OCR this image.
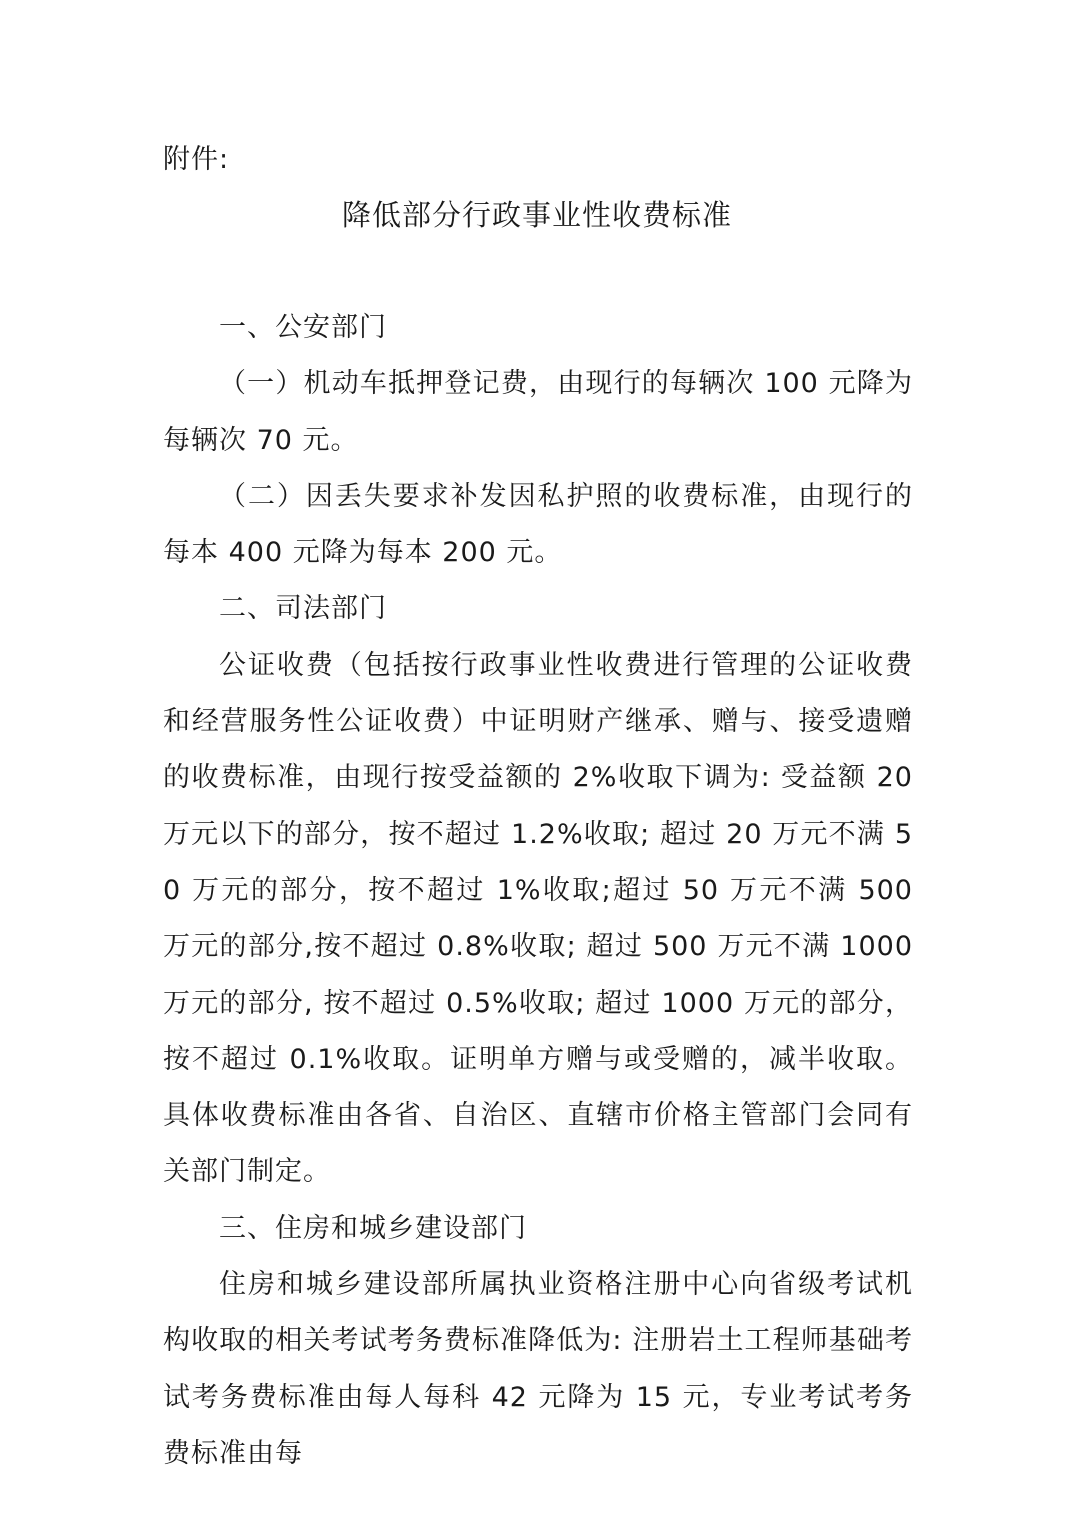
附件:
降低部分行政事业性收费标准

一、公安部门

（一）机动车抵押登记费，由现行的每辆次 100 元降为每辆次 70 元。

（二）因丢失要求补发因私护照的收费标准，由现行的每本 400 元降为每本 200 元。

二、司法部门

公证收费（包括按行政事业性收费进行管理的公证收费和经营服务性公证收费）中证明财产继承、赠与、接受遗赠的收费标准，由现行按受益额的 2%收取下调为: 受益额 20 万元以下的部分，按不超过 1.2%收取; 超过 20 万元不满 50 万元的部分，按不超过 1%收取;超过 50 万元不满 500 万元的部分,按不超过 0.8%收取; 超过 500 万元不满 1000 万元的部分, 按不超过 0.5%收取; 超过 1000 万元的部分，按不超过 0.1%收取。证明单方赠与或受赠的，减半收取。具体收费标准由各省、自治区、直辖市价格主管部门会同有关部门制定。

三、住房和城乡建设部门

住房和城乡建设部所属执业资格注册中心向省级考试机构收取的相关考试考务费标准降低为: 注册岩土工程师基础考试考务费标准由每人每科 42 元降为 15 元，专业考试考务费标准由每
